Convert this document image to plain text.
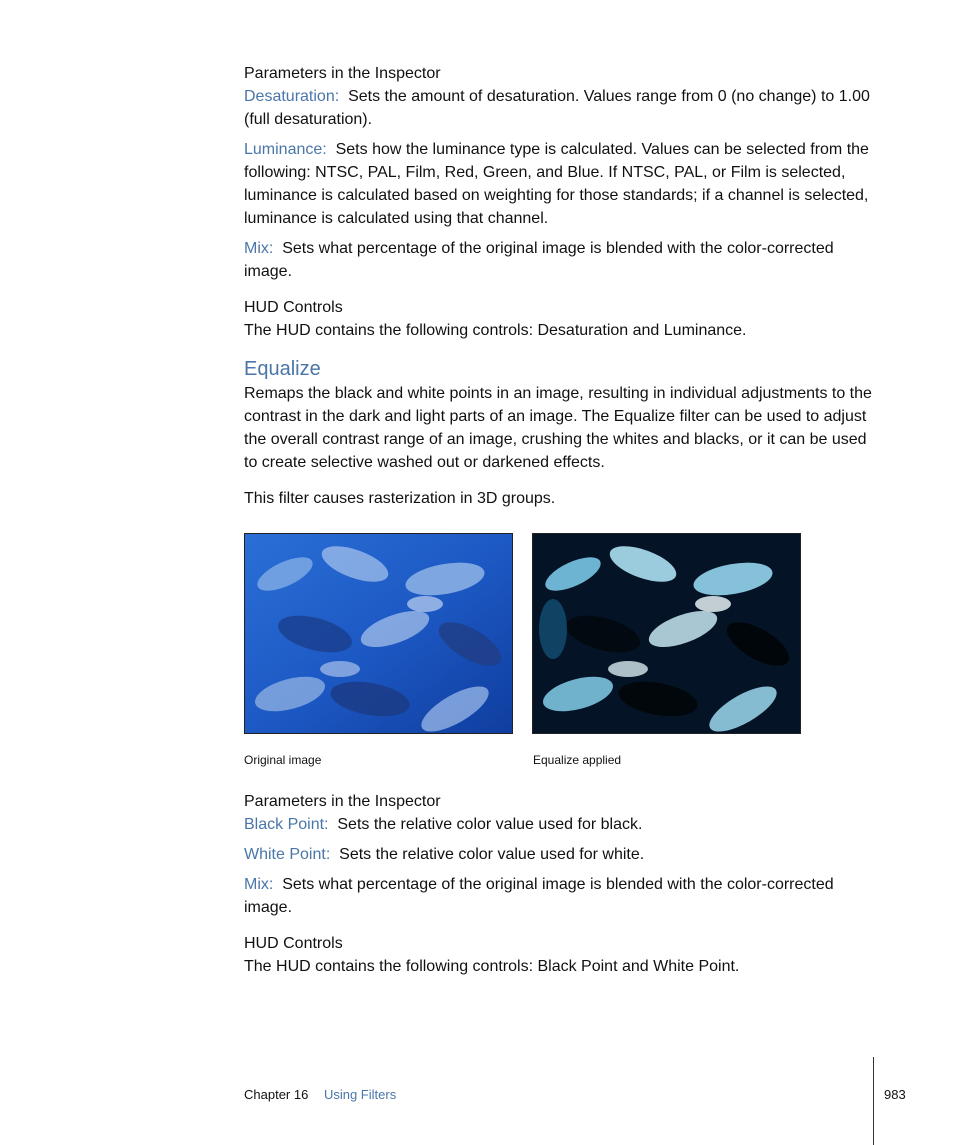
Parameters in the Inspector

Desaturation: Sets the amount of desaturation. Values range from 0 (no change) to 1.00 (full desaturation).

Luminance: Sets how the luminance type is calculated. Values can be selected from the following: NTSC, PAL, Film, Red, Green, and Blue. If NTSC, PAL, or Film is selected, luminance is calculated based on weighting for those standards; if a channel is selected, luminance is calculated using that channel.

Mix: Sets what percentage of the original image is blended with the color-corrected image.

HUD Controls

The HUD contains the following controls: Desaturation and Luminance.

Equalize

Remaps the black and white points in an image, resulting in individual adjustments to the contrast in the dark and light parts of an image. The Equalize filter can be used to adjust the overall contrast range of an image, crushing the whites and blacks, or it can be used to create selective washed out or darkened effects.

This filter causes rasterization in 3D groups.

Original image	Equalize applied

Parameters in the Inspector

Black Point: Sets the relative color value used for black.

White Point: Sets the relative color value used for white.

Mix: Sets what percentage of the original image is blended with the color-corrected image.

HUD Controls

The HUD contains the following controls: Black Point and White Point.

Chapter 16 Using Filters	983
